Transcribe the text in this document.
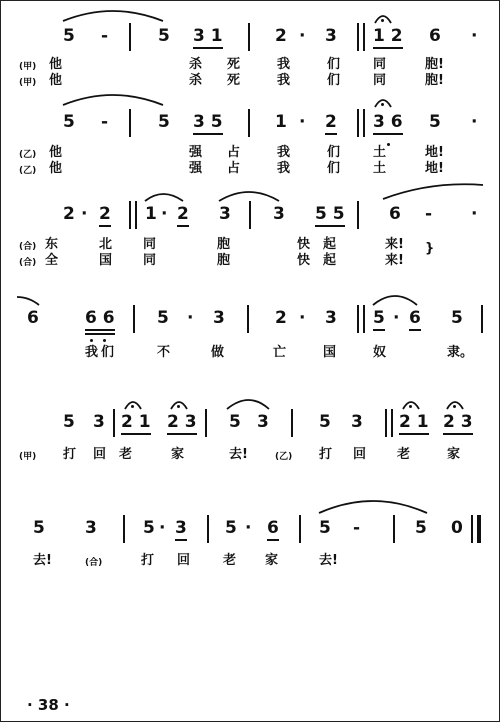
5 -	5 3 1	2 · 3 1 2 6 ·
(甲) 他	杀 死	我	们	同	胞!
(甲) 他	杀 死	我	们	同	胞!
5 -	5 3 5	1 · 2 3 6 5 ·
(乙) 他	强 占	我	们	土	地!
(乙) 他	强 占	我	们	土	地!
2 · 2 1 · 2 3 3 5 5	6 - ·
(合) 东	北 同	胞	快 起	来! }
(合) 全	国 同	胞	快 起	来!
6	6 6 5 · 3	2 · 3 5 · 6 5
我 们	不	做	亡	国	奴	隶。
5 3 2 1 2 3 5 3	5 3 2 1 2 3
(甲) 打 回 老	家	去!	(乙) 打 回 老	家
5 3	5 · 3 5 · 6 5 -	5 0
去!	(合)	打 回	老 家	去!
· 38 ·
